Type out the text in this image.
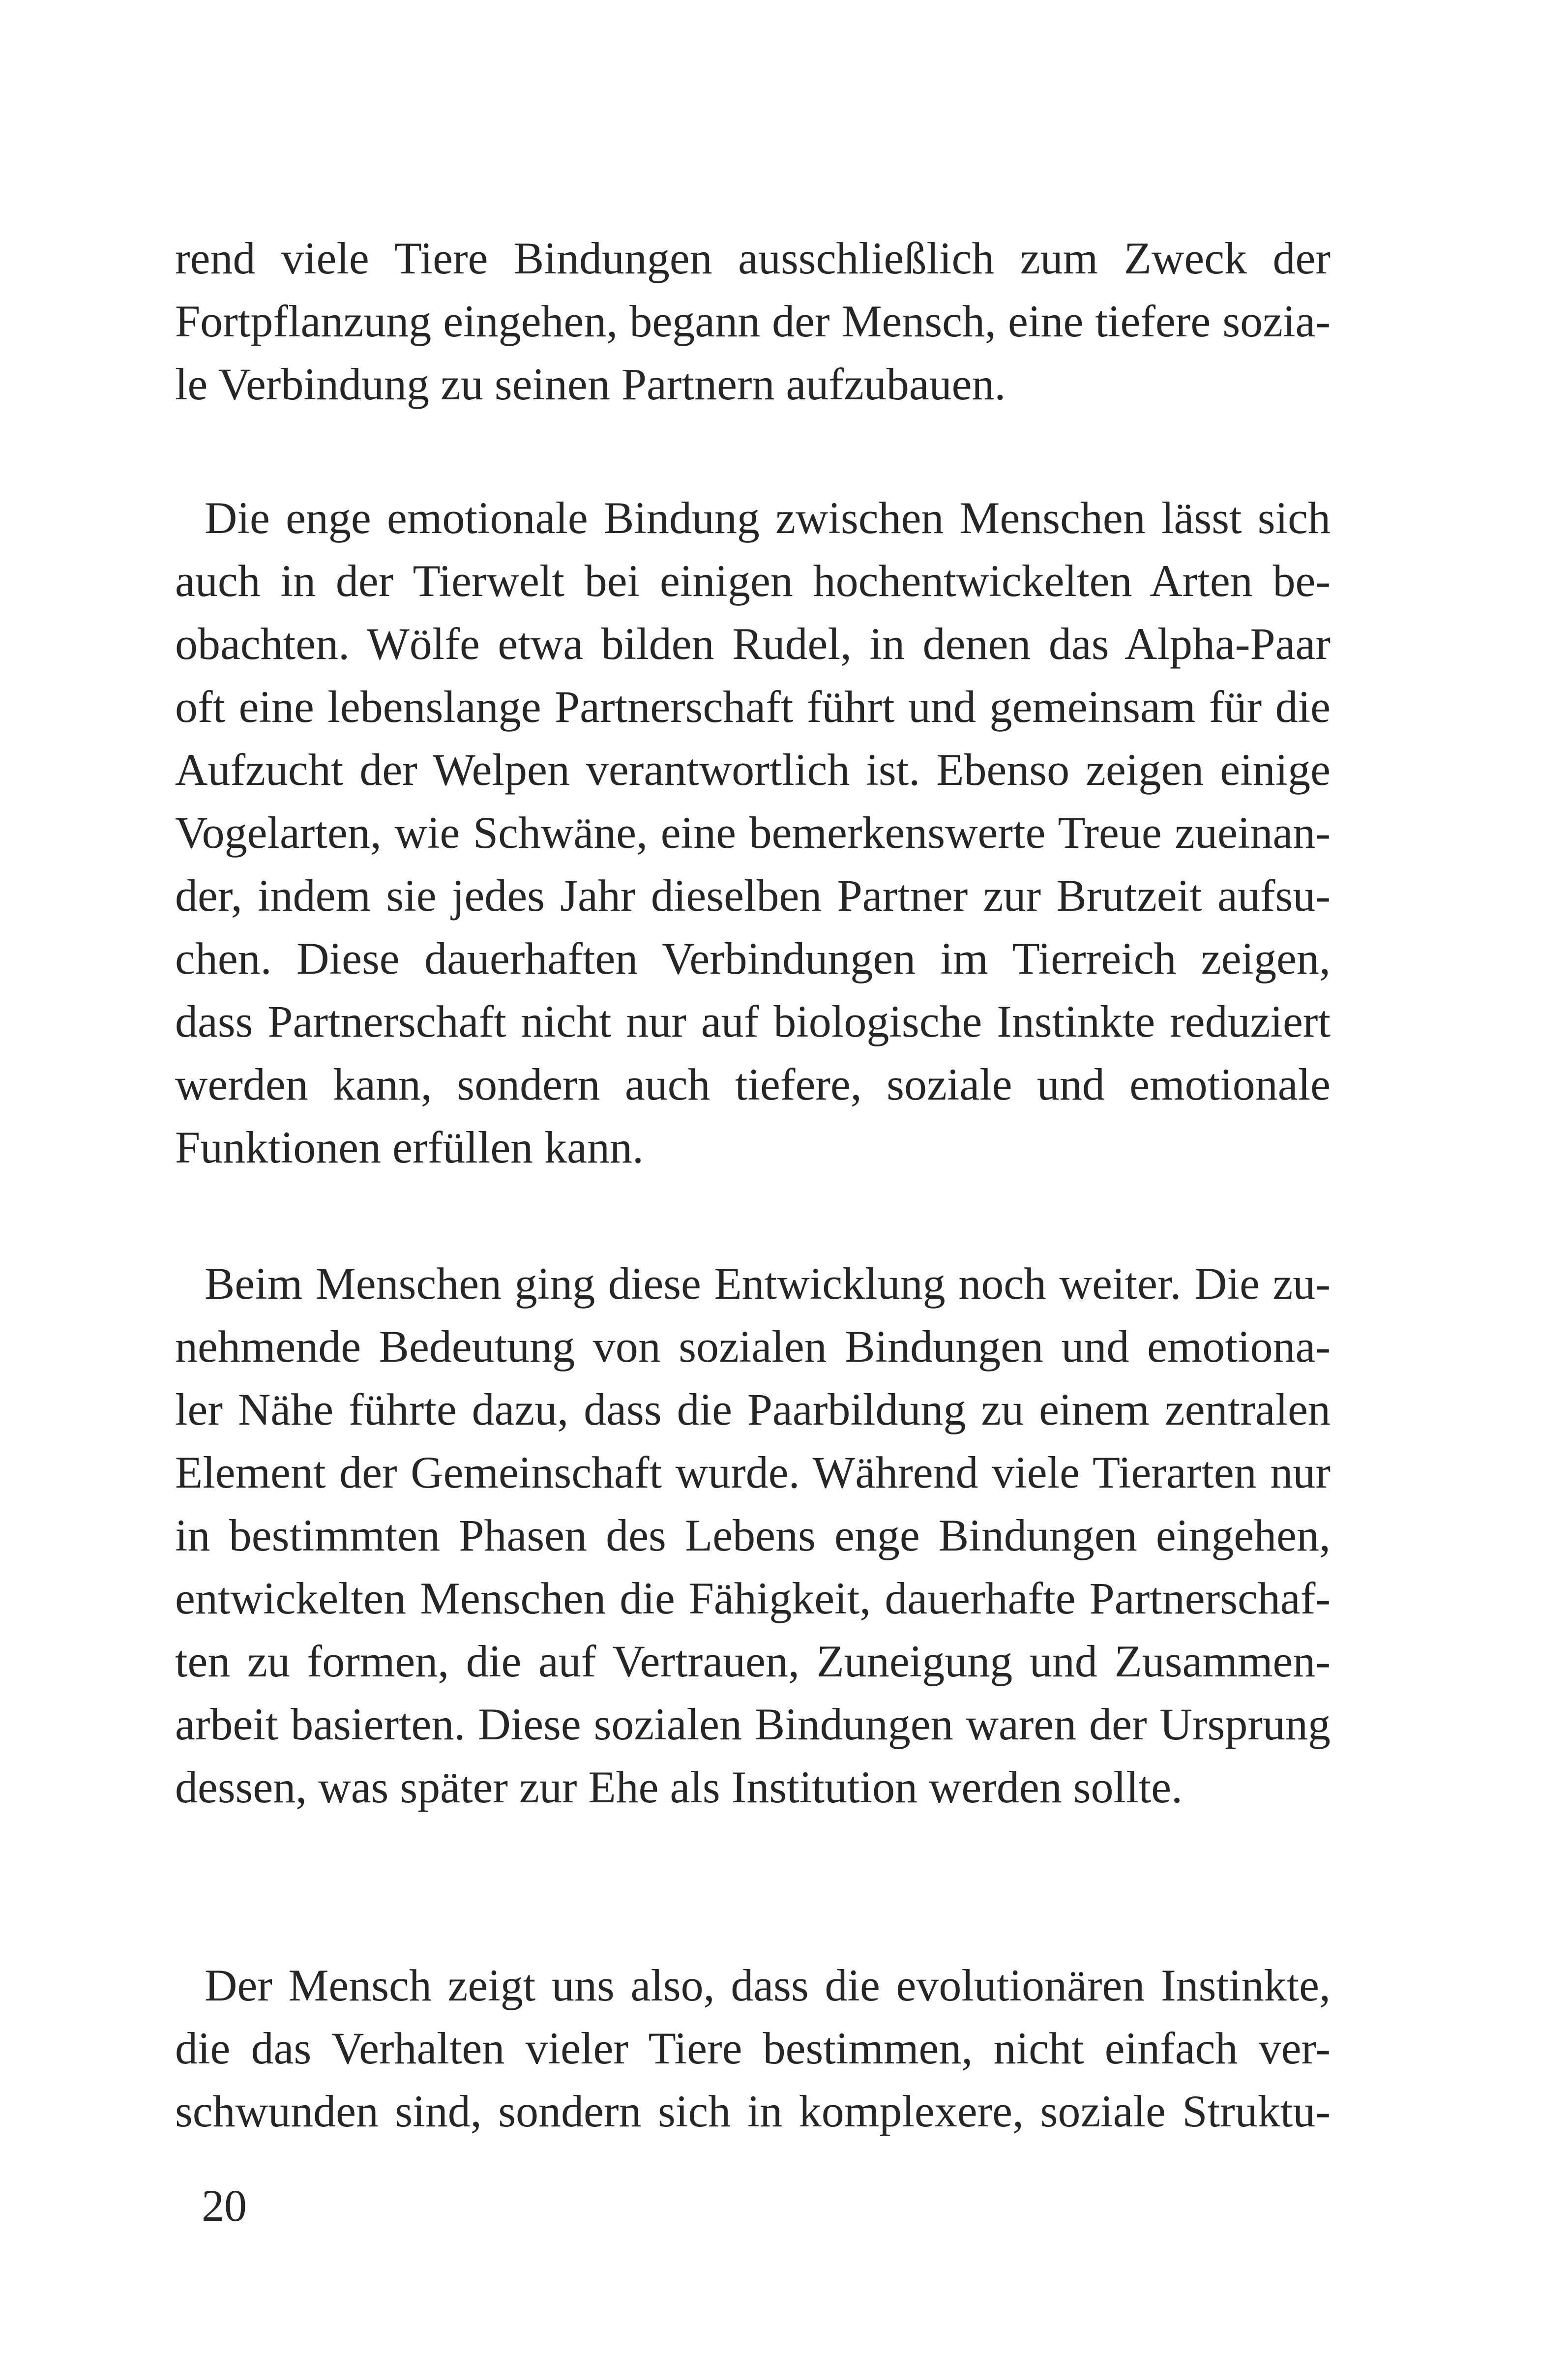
rend viele Tiere Bindungen ausschließlich zum Zweck der
Fortpflanzung eingehen, begann der Mensch, eine tiefere sozia-
le Verbindung zu seinen Partnern aufzubauen.
Die enge emotionale Bindung zwischen Menschen lässt sich
auch in der Tierwelt bei einigen hochentwickelten Arten be-
obachten. Wölfe etwa bilden Rudel, in denen das Alpha-Paar
oft eine lebenslange Partnerschaft führt und gemeinsam für die
Aufzucht der Welpen verantwortlich ist. Ebenso zeigen einige
Vogelarten, wie Schwäne, eine bemerkenswerte Treue zueinan-
der, indem sie jedes Jahr dieselben Partner zur Brutzeit aufsu-
chen. Diese dauerhaften Verbindungen im Tierreich zeigen,
dass Partnerschaft nicht nur auf biologische Instinkte reduziert
werden kann, sondern auch tiefere, soziale und emotionale
Funktionen erfüllen kann.
Beim Menschen ging diese Entwicklung noch weiter. Die zu-
nehmende Bedeutung von sozialen Bindungen und emotiona-
ler Nähe führte dazu, dass die Paarbildung zu einem zentralen
Element der Gemeinschaft wurde. Während viele Tierarten nur
in bestimmten Phasen des Lebens enge Bindungen eingehen,
entwickelten Menschen die Fähigkeit, dauerhafte Partnerschaf-
ten zu formen, die auf Vertrauen, Zuneigung und Zusammen-
arbeit basierten. Diese sozialen Bindungen waren der Ursprung
dessen, was später zur Ehe als Institution werden sollte.
Der Mensch zeigt uns also, dass die evolutionären Instinkte,
die das Verhalten vieler Tiere bestimmen, nicht einfach ver-
schwunden sind, sondern sich in komplexere, soziale Struktu-
20
